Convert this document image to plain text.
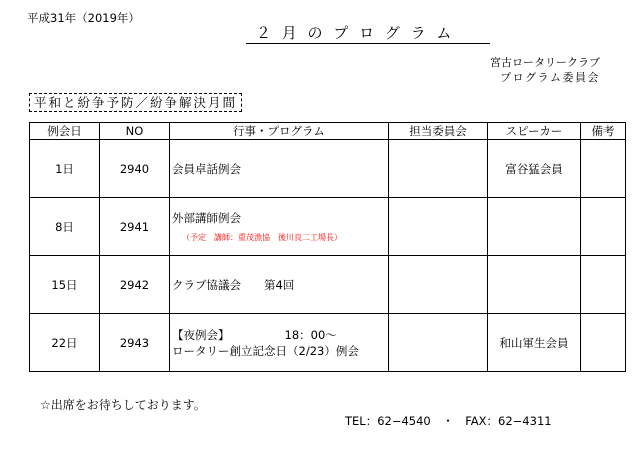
平成31年（2019年）
２ 月 の プ ロ グ ラ ム
宮古ロータリークラブ
プログラム委員会
平和と紛争予防／紛争解決月間
例会日	NO	行事・プログラム	担当委員会	スピーカー	備考
1日	2940	会員卓話例会		富谷猛会員	
8日	2941	外部講師例会
（予定　講師：重茂漁協　後川良二工場長）			

15日	2942	クラブ協議会　　第4回			
22日	2943	【夜例会】 18：00～
ロータリー創立記念日（2/23）例会		和山軍生会員	
☆出席をお待ちしております。
TEL：62−4540　・　FAX：62−4311
